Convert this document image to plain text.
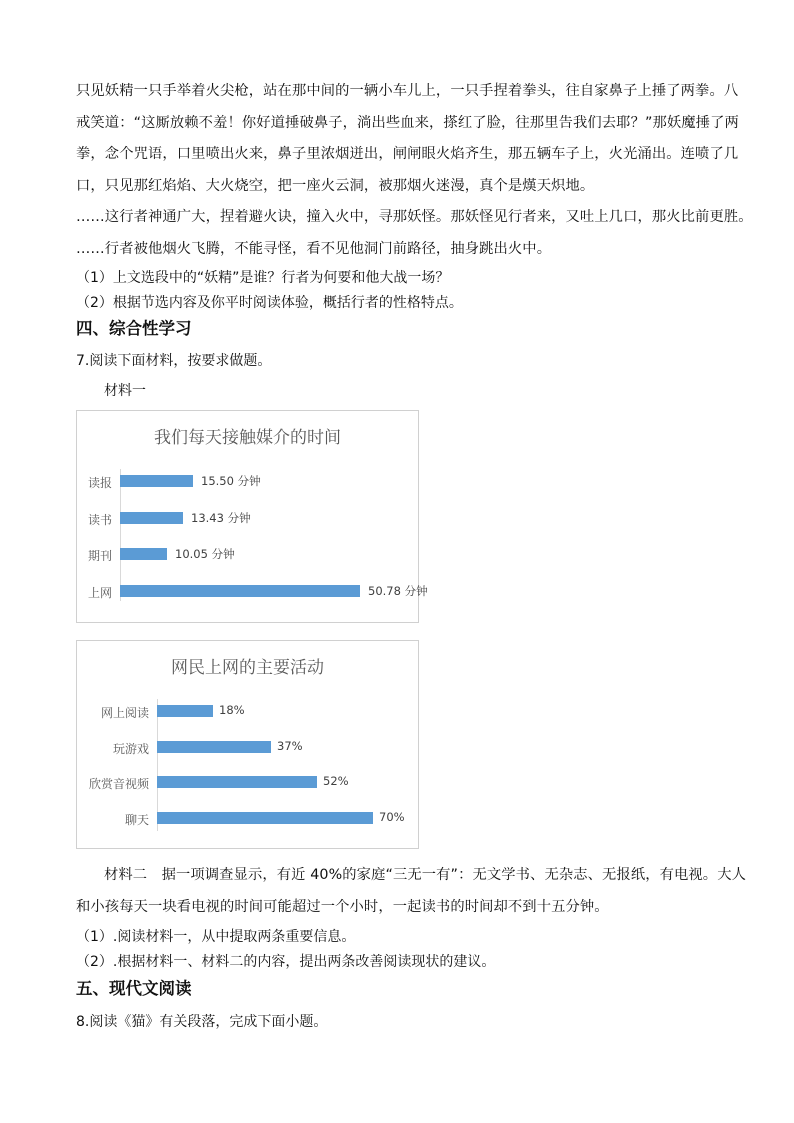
只见妖精一只手举着火尖枪，站在那中间的一辆小车儿上，一只手捏着拳头，往自家鼻子上捶了两拳。八
戒笑道：“这厮放赖不羞！你好道捶破鼻子，淌出些血来，搽红了脸，往那里告我们去耶？”那妖魔捶了两
拳，念个咒语，口里喷出火来，鼻子里浓烟迸出，闸闸眼火焰齐生，那五辆车子上，火光涌出。连喷了几
口，只见那红焰焰、大火烧空，把一座火云洞，被那烟火迷漫，真个是熯天炽地。
……这行者神通广大，捏着避火诀，撞入火中，寻那妖怪。那妖怪见行者来，又吐上几口，那火比前更胜。
……行者被他烟火飞腾，不能寻怪，看不见他洞门前路径，抽身跳出火中。
（1）上文选段中的“妖精”是谁？行者为何要和他大战一场？
（2）根据节选内容及你平时阅读体验，概括行者的性格特点。
四、综合性学习
7.阅读下面材料，按要求做题。
材料一
我们每天接触媒介的时间
读报	15.50 分钟
读书	13.43 分钟
期刊	10.05 分钟
上网	50.78 分钟
网民上网的主要活动
网上阅读	18%
玩游戏	37%
欣赏音视频	52%
聊天	70%
材料二　据一项调查显示，有近 40%的家庭“三无一有”：无文学书、无杂志、无报纸，有电视。大人
和小孩每天一块看电视的时间可能超过一个小时，一起读书的时间却不到十五分钟。
（1）.阅读材料一，从中提取两条重要信息。
（2）.根据材料一、材料二的内容，提出两条改善阅读现状的建议。
五、现代文阅读
8.阅读《猫》有关段落，完成下面小题。
